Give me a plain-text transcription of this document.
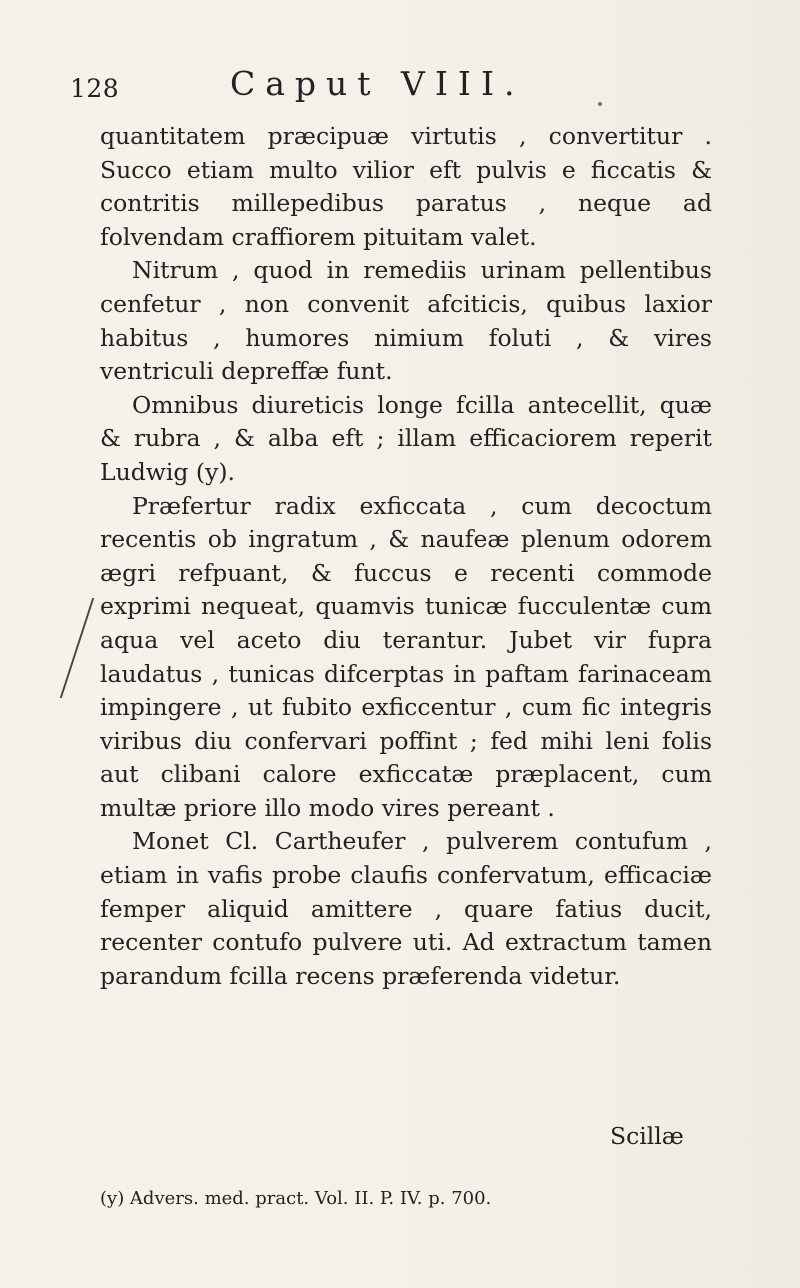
128	Caput VIII.

quantitatem præcipuæ virtutis , convertitur . Succo etiam multo vilior eft pulvis e ficcatis & contritis millepedibus paratus , neque ad folvendam craffiorem pituitam valet.

Nitrum , quod in remediis urinam pellentibus cenfetur , non convenit afciticis, quibus laxior habitus , humores nimium foluti , & vires ventriculi depreffæ funt.

Omnibus diureticis longe fcilla antecellit, quæ & rubra , & alba eft ; illam efficaciorem reperit Ludwig (y).

Præfertur radix exficcata , cum decoctum recentis ob ingratum , & naufeæ plenum odorem ægri refpuant, & fuccus e recenti commode exprimi nequeat, quamvis tunicæ fucculentæ cum aqua vel aceto diu terantur. Jubet vir fupra laudatus , tunicas difcerptas in paftam farinaceam impingere , ut fubito exficcentur , cum fic integris viribus diu confervari poffint ; fed mihi leni folis aut clibani calore exficcatæ præplacent, cum multæ priore illo modo vires pereant .

Monet Cl. Cartheufer , pulverem contufum , etiam in vafis probe claufis confervatum, efficaciæ femper aliquid amittere , quare fatius ducit, recenter contufo pulvere uti. Ad extractum tamen parandum fcilla recens præferenda videtur.

Scillæ
(y) Advers. med. pract. Vol. II. P. IV. p. 700.
